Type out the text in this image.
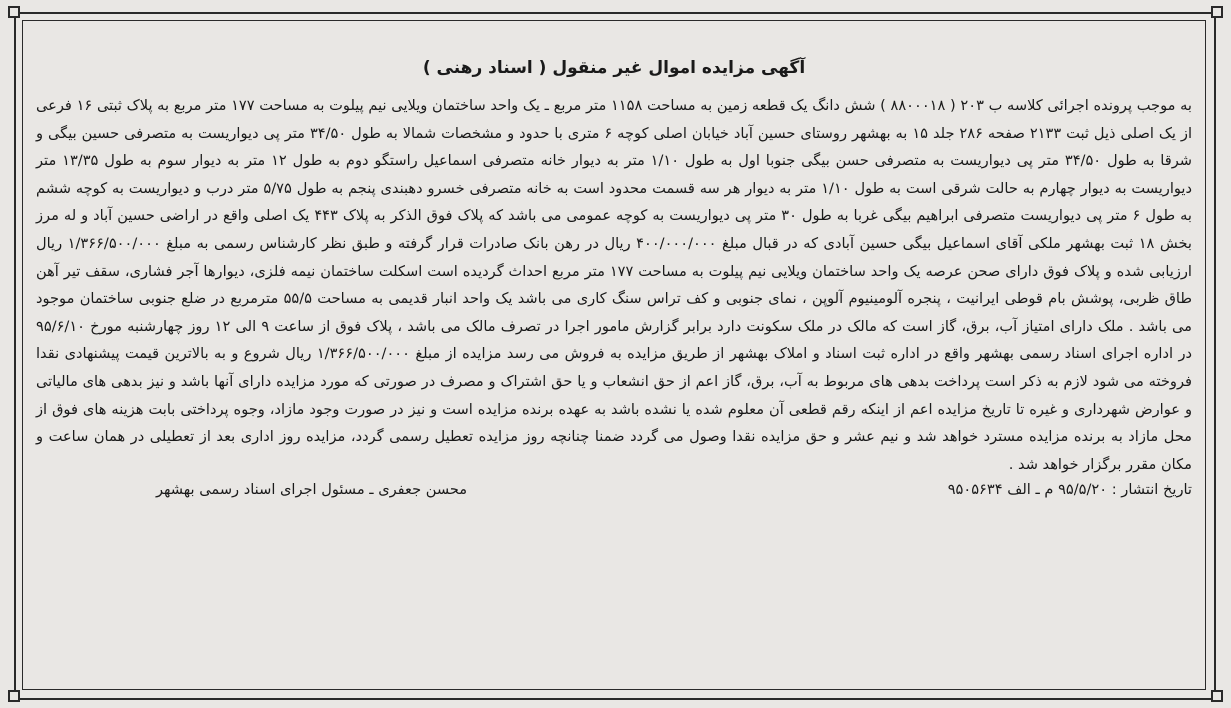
آگهی مزایده اموال غیر منقول ( اسناد رهنی )

به موجب پرونده اجرائی کلاسه ب ۲۰۳ ( ۸۸۰۰۰۱۸ ) شش دانگ یک قطعه زمین به مساحت ۱۱۵۸ متر مربع ـ یک واحد ساختمان ویلایی نیم پیلوت به مساحت ۱۷۷ متر مربع به پلاک ثبتی ۱۶ فرعی از یک اصلی ذیل ثبت ۲۱۳۳ صفحه ۲۸۶ جلد ۱۵ به بهشهر روستای حسین آباد خیابان اصلی کوچه ۶ متری با حدود و مشخصات شمالا به طول ۳۴/۵۰ متر پی دیواریست به متصرفی حسین بیگی و شرقا به طول ۳۴/۵۰ متر پی دیواریست به متصرفی حسن بیگی جنوبا اول به طول ۱/۱۰ متر به دیوار خانه متصرفی اسماعیل راستگو دوم به طول ۱۲ متر به دیوار سوم به طول ۱۳/۳۵ متر دیواریست به دیوار چهارم به حالت شرقی است به طول ۱/۱۰ متر به دیوار هر سه قسمت محدود است به خانه متصرفی خسرو دهبندی پنجم به طول ۵/۷۵ متر درب و دیواریست به کوچه ششم به طول ۶ متر پی دیواریست متصرفی ابراهیم بیگی غربا به طول ۳۰ متر پی دیواریست به کوچه عمومی می باشد که پلاک فوق الذکر به پلاک ۴۴۳ یک اصلی واقع در اراضی حسین آباد و له مرز بخش ۱۸ ثبت بهشهر ملکی آقای اسماعیل بیگی حسین آبادی که در قبال مبلغ ۴۰۰/۰۰۰/۰۰۰ ریال در رهن بانک صادرات قرار گرفته و طبق نظر کارشناس رسمی به مبلغ ۱/۳۶۶/۵۰۰/۰۰۰ ریال ارزیابی شده و پلاک فوق دارای صحن عرصه یک واحد ساختمان ویلایی نیم پیلوت به مساحت ۱۷۷ متر مربع احداث گردیده است اسکلت ساختمان نیمه فلزی، دیوارها آجر فشاری، سقف تیر آهن طاق ظربی، پوشش بام قوطی ایرانیت ، پنجره آلومینیوم آلوپن ، نمای جنوبی و کف تراس سنگ کاری می باشد یک واحد انبار قدیمی به مساحت ۵۵/۵ مترمربع در ضلع جنوبی ساختمان موجود می باشد . ملک دارای امتیاز آب، برق، گاز است که مالک در ملک سکونت دارد برابر گزارش مامور اجرا در تصرف مالک می باشد ، پلاک فوق از ساعت ۹ الی ۱۲ روز چهارشنبه مورخ ۹۵/۶/۱۰ در اداره اجرای اسناد رسمی بهشهر واقع در اداره ثبت اسناد و املاک بهشهر از طریق مزایده به فروش می رسد مزایده از مبلغ ۱/۳۶۶/۵۰۰/۰۰۰ ریال شروع و به بالاترین قیمت پیشنهادی نقدا فروخته می شود لازم به ذکر است پرداخت بدهی های مربوط به آب، برق، گاز اعم از حق انشعاب و یا حق اشتراک و مصرف در صورتی که مورد مزایده دارای آنها باشد و نیز بدهی های مالیاتی و عوارض شهرداری و غیره تا تاریخ مزایده اعم از اینکه رقم قطعی آن معلوم شده یا نشده باشد به عهده برنده مزایده است و نیز در صورت وجود مازاد، وجوه پرداختی بابت هزینه های فوق از محل مازاد به برنده مزایده مسترد خواهد شد و نیم عشر و حق مزایده نقدا وصول می گردد ضمنا چنانچه روز مزایده تعطیل رسمی گردد، مزایده روز اداری بعد از تعطیلی در همان ساعت و مکان مقرر برگزار خواهد شد .

تاریخ انتشار : ۹۵/۵/۲۰ م ـ الف ۹۵۰۵۶۳۴
محسن جعفری ـ مسئول اجرای اسناد رسمی بهشهر
